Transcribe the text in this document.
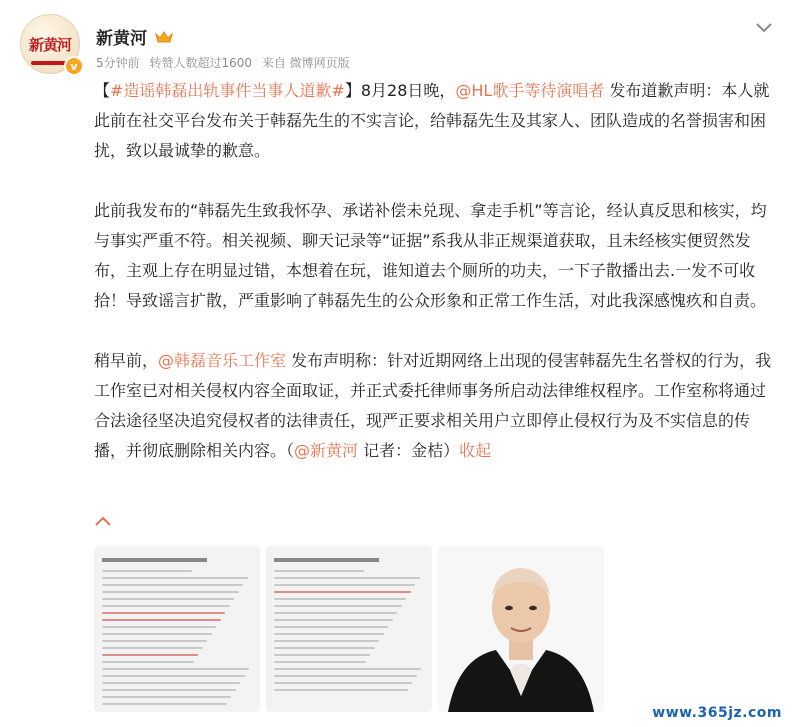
新黄河
v
新黄河
5分钟前 转赞人数超过1600 来自 微博网页版

【#造谣韩磊出轨事件当事人道歉#】8月28日晚，@HL歌手等待演唱者 发布道歉声明：本人就此前在社交平台发布关于韩磊先生的不实言论，给韩磊先生及其家人、团队造成的名誉损害和困扰，致以最诚挚的歉意。

此前我发布的“韩磊先生致我怀孕、承诺补偿未兑现、拿走手机”等言论，经认真反思和核实，均与事实严重不符。相关视频、聊天记录等“证据”系我从非正规渠道获取，且未经核实便贸然发布，主观上存在明显过错，本想着在玩，谁知道去个厕所的功夫，一下子散播出去.一发不可收拾！导致谣言扩散，严重影响了韩磊先生的公众形象和正常工作生活，对此我深感愧疚和自责。

稍早前，@韩磊音乐工作室 发布声明称：针对近期网络上出现的侵害韩磊先生名誉权的行为，我工作室已对相关侵权内容全面取证，并正式委托律师事务所启动法律维权程序。工作室称将通过合法途径坚决追究侵权者的法律责任，现严正要求相关用户立即停止侵权行为及不实信息的传播，并彻底删除相关内容。（@新黄河 记者：金桔）收起

www.365jz.com
